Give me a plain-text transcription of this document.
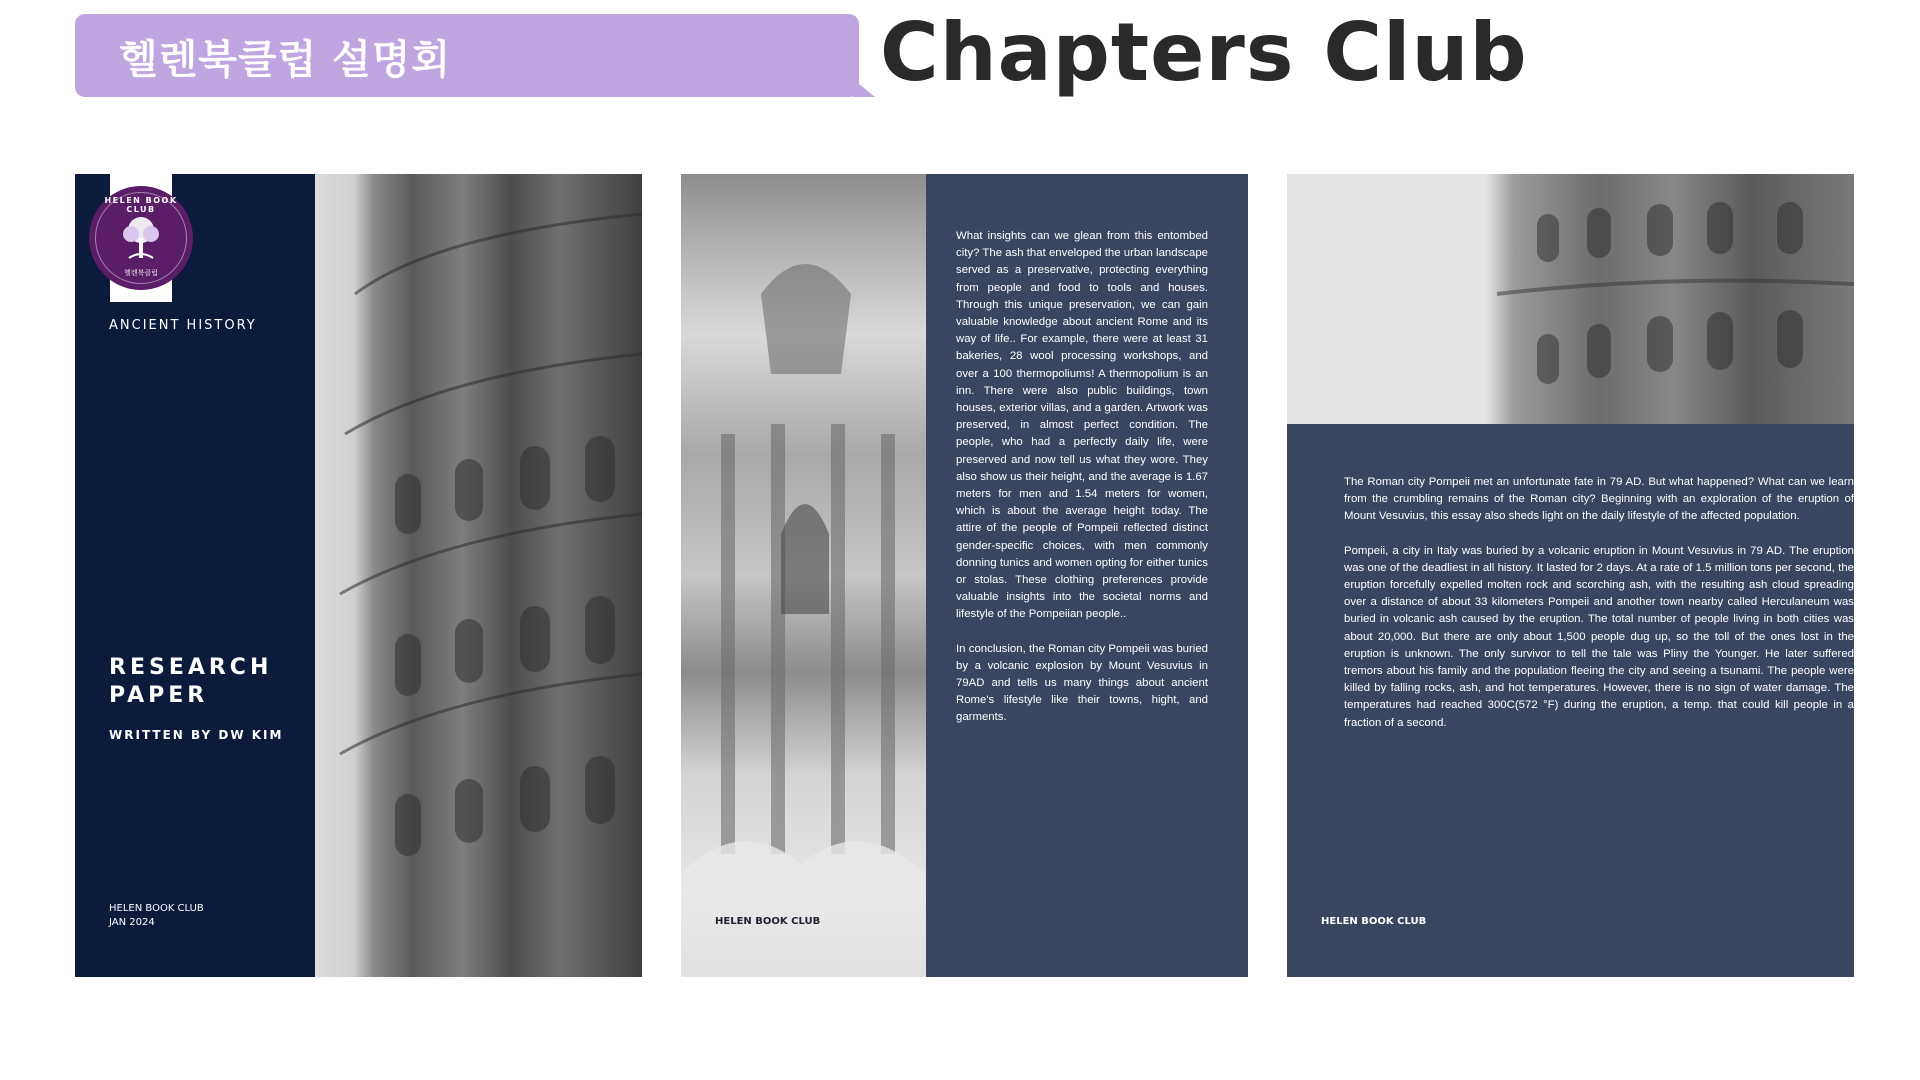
헬렌북클럽 설명회	Chapters Club
HELEN BOOK CLUB
헬렌북클럽
ANCIENT HISTORY
RESEARCH PAPER
WRITTEN BY DW KIM
HELEN BOOK CLUB
JAN 2024	HELEN BOOK CLUB

What insights can we glean from this entombed city? The ash that enveloped the urban landscape served as a preservative, protecting everything from people and food to tools and houses. Through this unique preservation, we can gain valuable knowledge about ancient Rome and its way of life.. For example, there were at least 31 bakeries, 28 wool processing workshops, and over a 100 thermopoliums! A thermopolium is an inn. There were also public buildings, town houses, exterior villas, and a garden. Artwork was preserved, in almost perfect condition. The people, who had a perfectly daily life, were preserved and now tell us what they wore. They also show us their height, and the average is 1.67 meters for men and 1.54 meters for women, which is about the average height today. The attire of the people of Pompeii reflected distinct gender-specific choices, with men commonly donning tunics and women opting for either tunics or stolas. These clothing preferences provide valuable insights into the societal norms and lifestyle of the Pompeiian people..

In conclusion, the Roman city Pompeii was buried by a volcanic explosion by Mount Vesuvius in 79AD and tells us many things about ancient Rome's lifestyle like their towns, hight, and garments.

The Roman city Pompeii met an unfortunate fate in 79 AD. But what happened? What can we learn from the crumbling remains of the Roman city? Beginning with an exploration of the eruption of Mount Vesuvius, this essay also sheds light on the daily lifestyle of the affected population.

Pompeii, a city in Italy was buried by a volcanic eruption in Mount Vesuvius in 79 AD. The eruption was one of the deadliest in all history. It lasted for 2 days. At a rate of 1.5 million tons per second, the eruption forcefully expelled molten rock and scorching ash, with the resulting ash cloud spreading over a distance of about 33 kilometers Pompeii and another town nearby called Herculaneum was buried in volcanic ash caused by the eruption. The total number of people living in both cities was about 20,000. But there are only about 1,500 people dug up, so the toll of the ones lost in the eruption is unknown. The only survivor to tell the tale was Pliny the Younger. He later suffered tremors about his family and the population fleeing the city and seeing a tsunami. The people were killed by falling rocks, ash, and hot temperatures. However, there is no sign of water damage. The temperatures had reached 300C(572 °F) during the eruption, a temp. that could kill people in a fraction of a second.

HELEN BOOK CLUB
